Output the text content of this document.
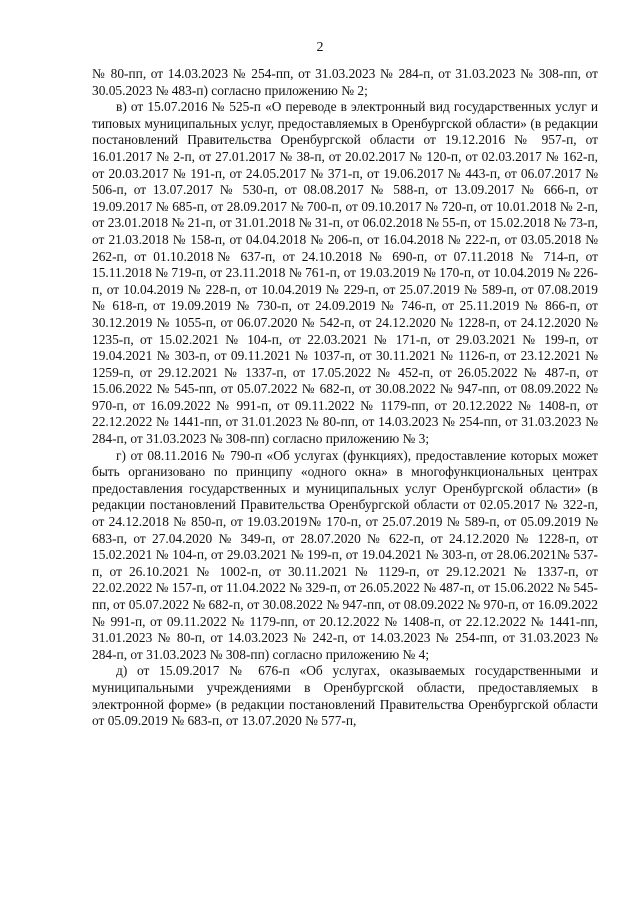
2

№ 80-пп, от 14.03.2023 № 254-пп, от 31.03.2023 № 284-п, от 31.03.2023 № 308-пп, от 30.05.2023 № 483-п) согласно приложению № 2;

в) от 15.07.2016 № 525-п «О переводе в электронный вид государственных услуг и типовых муниципальных услуг, предоставляемых в Оренбургской области» (в редакции постановлений Правительства Оренбургской области от 19.12.2016 № 957-п, от 16.01.2017 № 2-п, от 27.01.2017 № 38-п, от 20.02.2017 № 120-п, от 02.03.2017 № 162-п, от 20.03.2017 № 191-п, от 24.05.2017 № 371-п, от 19.06.2017 № 443-п, от 06.07.2017 № 506-п, от 13.07.2017 № 530-п, от 08.08.2017 № 588-п, от 13.09.2017 № 666-п, от 19.09.2017 № 685-п, от 28.09.2017 № 700-п, от 09.10.2017 № 720-п, от 10.01.2018 № 2-п, от 23.01.2018 № 21-п, от 31.01.2018 № 31-п, от 06.02.2018 № 55-п, от 15.02.2018 № 73-п, от 21.03.2018 № 158-п, от 04.04.2018 № 206-п, от 16.04.2018 № 222-п, от 03.05.2018 № 262-п, от 01.10.2018№ 637-п, от 24.10.2018 № 690-п, от 07.11.2018 № 714-п, от 15.11.2018 № 719-п, от 23.11.2018 № 761-п, от 19.03.2019 № 170-п, от 10.04.2019 № 226-п, от 10.04.2019 № 228-п, от 10.04.2019 № 229-п, от 25.07.2019 № 589-п, от 07.08.2019 № 618-п, от 19.09.2019 № 730-п, от 24.09.2019 № 746-п, от 25.11.2019 № 866-п, от 30.12.2019 № 1055-п, от 06.07.2020 № 542-п, от 24.12.2020 № 1228-п, от 24.12.2020 № 1235-п, от 15.02.2021 № 104-п, от 22.03.2021 № 171-п, от 29.03.2021 № 199-п, от 19.04.2021 № 303-п, от 09.11.2021 № 1037-п, от 30.11.2021 № 1126-п, от 23.12.2021 № 1259-п, от 29.12.2021 № 1337-п, от 17.05.2022 № 452-п, от 26.05.2022 № 487-п, от 15.06.2022 № 545-пп, от 05.07.2022 № 682-п, от 30.08.2022 № 947-пп, от 08.09.2022 № 970-п, от 16.09.2022 № 991-п, от 09.11.2022 № 1179-пп, от 20.12.2022 № 1408-п, от 22.12.2022 № 1441-пп, от 31.01.2023 № 80-пп, от 14.03.2023 № 254-пп, от 31.03.2023 № 284-п, от 31.03.2023 № 308-пп) согласно приложению № 3;

г) от 08.11.2016 № 790-п «Об услугах (функциях), предоставление которых может быть организовано по принципу «одного окна» в многофункциональных центрах предоставления государственных и муниципальных услуг Оренбургской области» (в редакции постановлений Правительства Оренбургской области от 02.05.2017 № 322-п, от 24.12.2018 № 850-п, от 19.03.2019№ 170-п, от 25.07.2019 № 589-п, от 05.09.2019 № 683-п, от 27.04.2020 № 349-п, от 28.07.2020 № 622-п, от 24.12.2020 № 1228-п, от 15.02.2021 № 104-п, от 29.03.2021 № 199-п, от 19.04.2021 № 303-п, от 28.06.2021№ 537-п, от 26.10.2021 № 1002-п, от 30.11.2021 № 1129-п, от 29.12.2021 № 1337-п, от 22.02.2022 № 157-п, от 11.04.2022 № 329-п, от 26.05.2022 № 487-п, от 15.06.2022 № 545-пп, от 05.07.2022 № 682-п, от 30.08.2022 № 947-пп, от 08.09.2022 № 970-п, от 16.09.2022 № 991-п, от 09.11.2022 № 1179-пп, от 20.12.2022 № 1408-п, от 22.12.2022 № 1441-пп, 31.01.2023 № 80-п, от 14.03.2023 № 242-п, от 14.03.2023 № 254-пп, от 31.03.2023 № 284-п, от 31.03.2023 № 308-пп) согласно приложению № 4;

д) от 15.09.2017 № 676-п «Об услугах, оказываемых государственными и муниципальными учреждениями в Оренбургской области, предоставляемых в электронной форме» (в редакции постановлений Правительства Оренбургской области от 05.09.2019 № 683-п, от 13.07.2020 № 577-п,
